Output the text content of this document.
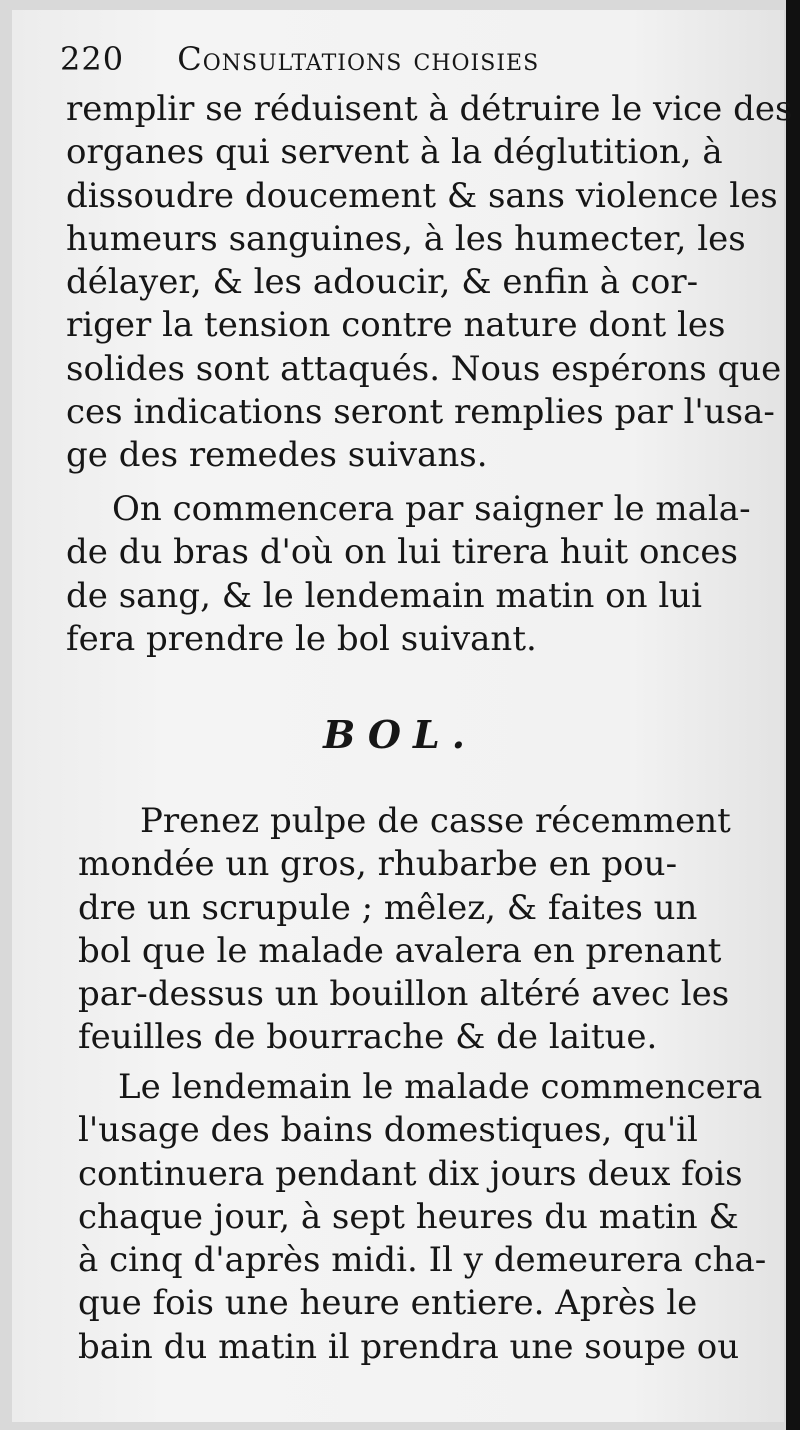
220 Consultations choisies
remplir se réduisent à détruire le vice des
organes qui servent à la déglutition, à
dissoudre doucement & sans violence les
humeurs sanguines, à les humecter, les
délayer, & les adoucir, & enfin à cor-
riger la tension contre nature dont les
solides sont attaqués. Nous espérons que
ces indications seront remplies par l'usa-
ge des remedes suivans.
On commencera par saigner le mala-
de du bras d'où on lui tirera huit onces
de sang, & le lendemain matin on lui
fera prendre le bol suivant.
BOL.
Prenez pulpe de casse récemment
mondée un gros, rhubarbe en pou-
dre un scrupule ; mêlez, & faites un
bol que le malade avalera en prenant
par-dessus un bouillon altéré avec les
feuilles de bourrache & de laitue.
Le lendemain le malade commencera
l'usage des bains domestiques, qu'il
continuera pendant dix jours deux fois
chaque jour, à sept heures du matin &
à cinq d'après midi. Il y demeurera cha-
que fois une heure entiere. Après le
bain du matin il prendra une soupe ou
